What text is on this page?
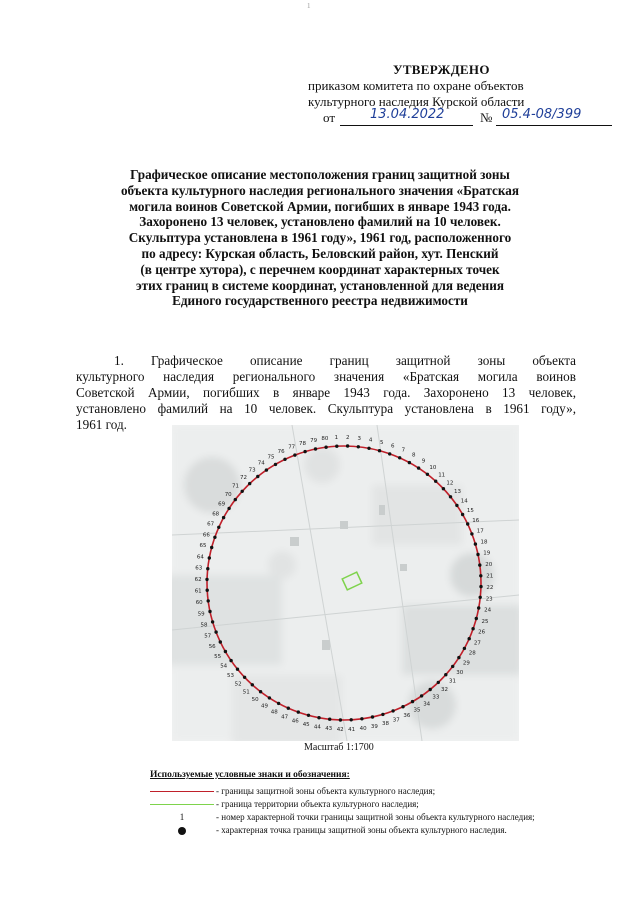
1
УТВЕРЖДЕНО
приказом комитета по охране объектов
культурного наследия Курской области
от	13.04.2022	№ 05.4-08/399
Графическое описание местоположения границ защитной зоны
объекта культурного наследия регионального значения «Братская
могила воинов Советской Армии, погибших в январе 1943 года.
Захоронено 13 человек, установлено фамилий на 10 человек.
Скульптура установлена в 1961 году», 1961 год, расположенного
по адресу: Курская область, Беловский район, хут. Пенский
(в центре хутора), с перечнем координат характерных точек
этих границ в системе координат, установленной для ведения
Единого государственного реестра недвижимости
1. Графическое описание границ защитной зоны объекта
культурного наследия регионального значения «Братская могила воинов
Советской Армии, погибших в январе 1943 года. Захоронено 13 человек,
установлено фамилий на 10 человек. Скульптура установлена в 1961 году»,
1961 год.
1 2 3 4 5
6
7
8
9
10
11
12
13
14
15
16
17
18
19
20
21
22
23
24
25
26
27
28
29
30
31
32
33
34
35
36
37
38
39
40
41
42
43
44
45
46
47
48
49
50
51
52
53
54
55
56
57
58
59
60
61
62
63
64
65
66
67
68
69
70
71
72
73
74
75
76
77
78 79 80
Масштаб 1:1700
Используемые условные знаки и обозначения:
- границы защитной зоны объекта культурного наследия;
- граница территории объекта культурного наследия;
1	- номер характерной точки границы защитной зоны объекта культурного наследия;
- характерная точка границы защитной зоны объекта культурного наследия.
